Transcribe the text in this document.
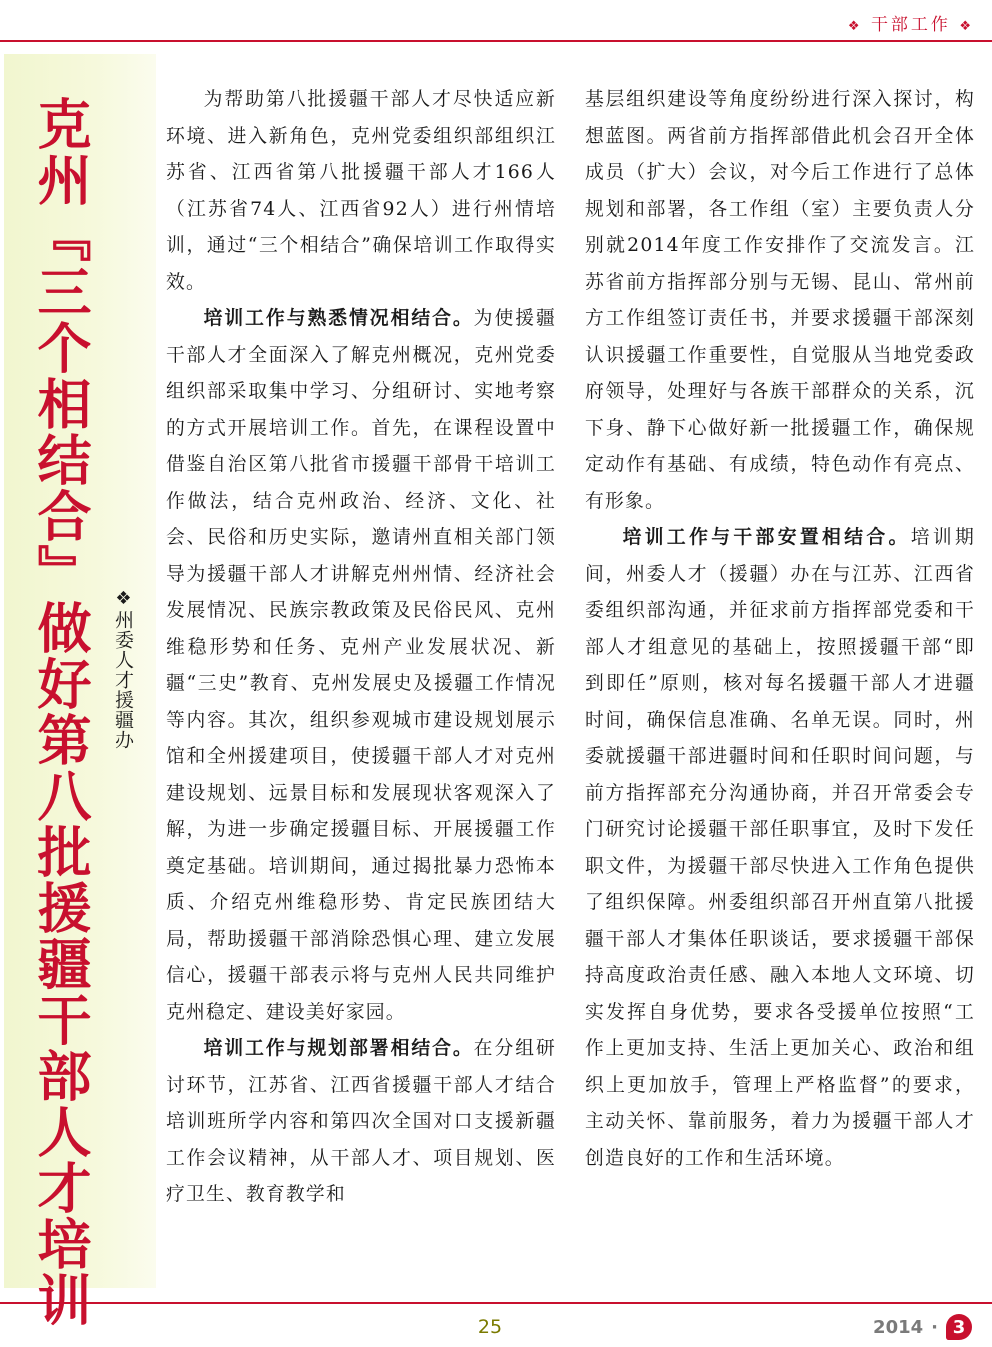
❖ 干部工作 ❖
克州『三个相结合』做好第八批援疆干部人才培训 ❖州委人才援疆办

为帮助第八批援疆干部人才尽快适应新环境、进入新角色，克州党委组织部组织江苏省、江西省第八批援疆干部人才166人（江苏省74人、江西省92人）进行州情培训，通过“三个相结合”确保培训工作取得实效。

培训工作与熟悉情况相结合。为使援疆干部人才全面深入了解克州概况，克州党委组织部采取集中学习、分组研讨、实地考察的方式开展培训工作。首先，在课程设置中借鉴自治区第八批省市援疆干部骨干培训工作做法，结合克州政治、经济、文化、社会、民俗和历史实际，邀请州直相关部门领导为援疆干部人才讲解克州州情、经济社会发展情况、民族宗教政策及民俗民风、克州维稳形势和任务、克州产业发展状况、新疆“三史”教育、克州发展史及援疆工作情况等内容。其次，组织参观城市建设规划展示馆和全州援建项目，使援疆干部人才对克州建设规划、远景目标和发展现状客观深入了解，为进一步确定援疆目标、开展援疆工作奠定基础。培训期间，通过揭批暴力恐怖本质、介绍克州维稳形势、肯定民族团结大局，帮助援疆干部消除恐惧心理、建立发展信心，援疆干部表示将与克州人民共同维护克州稳定、建设美好家园。

培训工作与规划部署相结合。在分组研讨环节，江苏省、江西省援疆干部人才结合培训班所学内容和第四次全国对口支援新疆工作会议精神，从干部人才、项目规划、医疗卫生、教育教学和

基层组织建设等角度纷纷进行深入探讨，构想蓝图。两省前方指挥部借此机会召开全体成员（扩大）会议，对今后工作进行了总体规划和部署，各工作组（室）主要负责人分别就2014年度工作安排作了交流发言。江苏省前方指挥部分别与无锡、昆山、常州前方工作组签订责任书，并要求援疆干部深刻认识援疆工作重要性，自觉服从当地党委政府领导，处理好与各族干部群众的关系，沉下身、静下心做好新一批援疆工作，确保规定动作有基础、有成绩，特色动作有亮点、有形象。

培训工作与干部安置相结合。培训期间，州委人才（援疆）办在与江苏、江西省委组织部沟通，并征求前方指挥部党委和干部人才组意见的基础上，按照援疆干部“即到即任”原则，核对每名援疆干部人才进疆时间，确保信息准确、名单无误。同时，州委就援疆干部进疆时间和任职时间问题，与前方指挥部充分沟通协商，并召开常委会专门研究讨论援疆干部任职事宜，及时下发任职文件，为援疆干部尽快进入工作角色提供了组织保障。州委组织部召开州直第八批援疆干部人才集体任职谈话，要求援疆干部保持高度政治责任感、融入本地人文环境、切实发挥自身优势，要求各受援单位按照“工作上更加支持、生活上更加关心、政治和组织上更加放手，管理上严格监督”的要求，主动关怀、靠前服务，着力为援疆干部人才创造良好的工作和生活环境。

25	2014 · 3
